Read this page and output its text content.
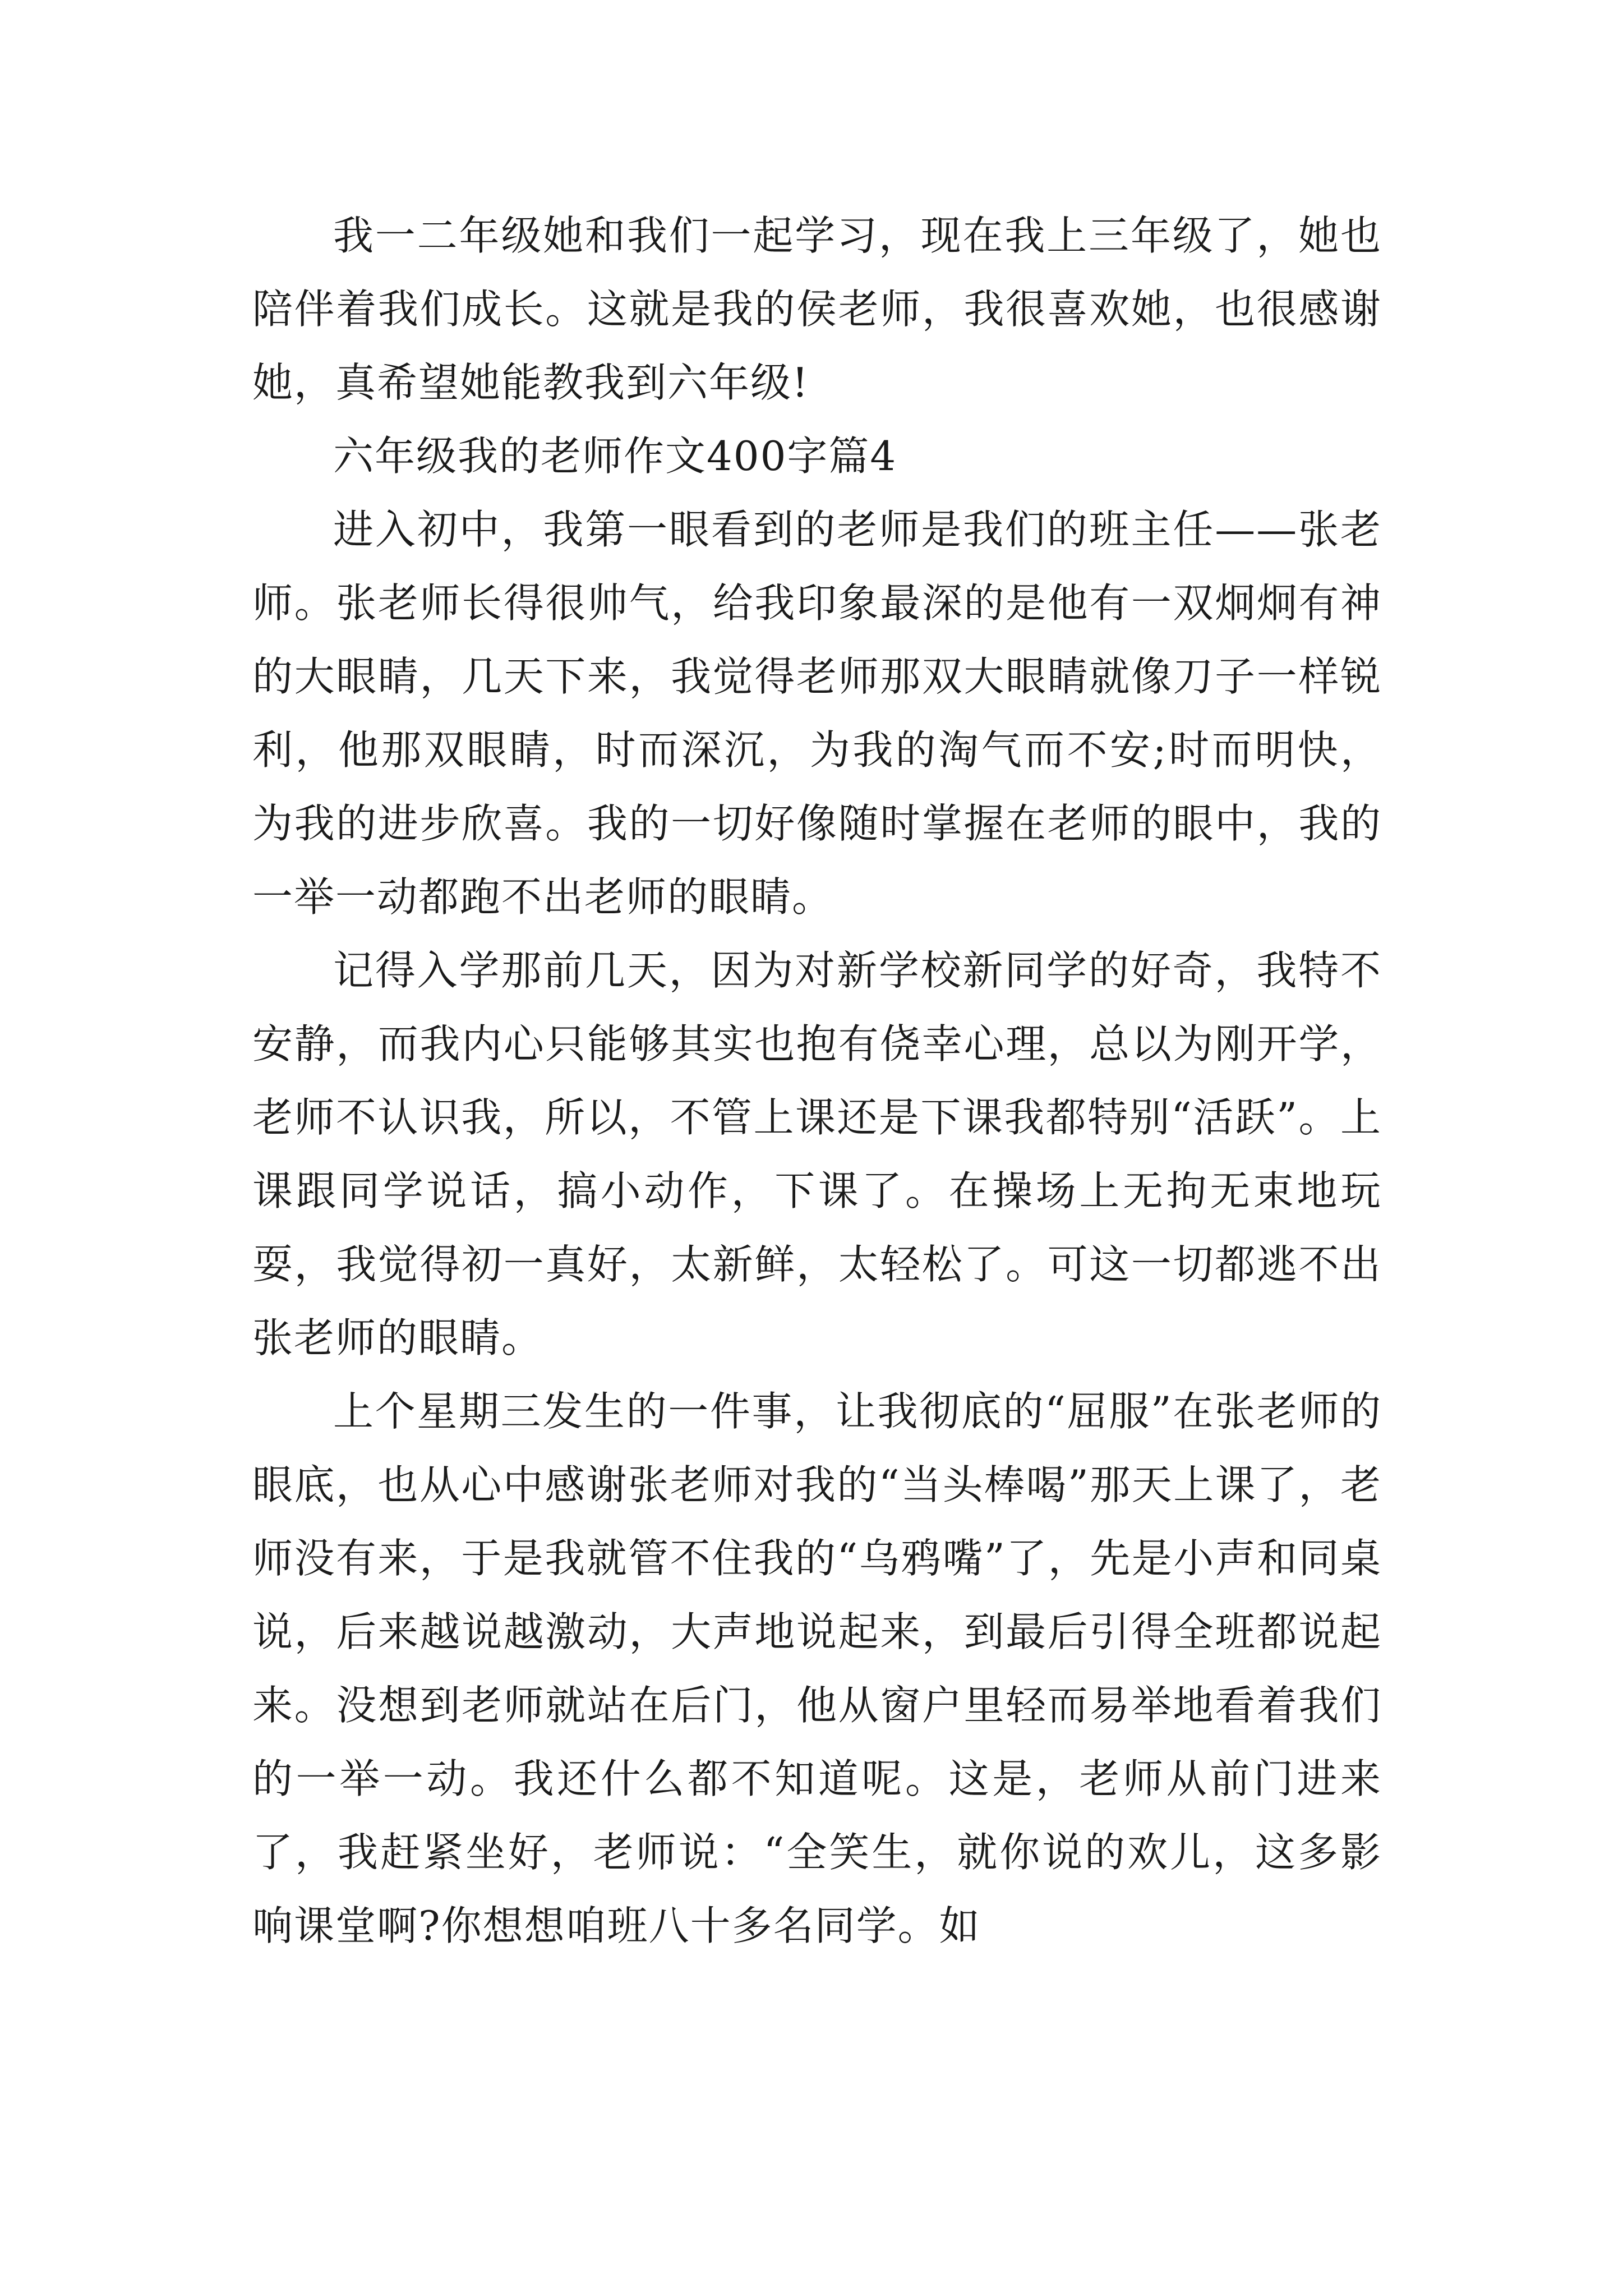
我一二年级她和我们一起学习，现在我上三年级了，她也陪伴着我们成长。这就是我的侯老师，我很喜欢她，也很感谢她，真希望她能教我到六年级!

六年级我的老师作文400字篇4

进入初中，我第一眼看到的老师是我们的班主任——张老师。张老师长得很帅气，给我印象最深的是他有一双炯炯有神的大眼睛，几天下来，我觉得老师那双大眼睛就像刀子一样锐利，他那双眼睛，时而深沉，为我的淘气而不安;时而明快，为我的进步欣喜。我的一切好像随时掌握在老师的眼中，我的一举一动都跑不出老师的眼睛。

记得入学那前几天，因为对新学校新同学的好奇，我特不安静，而我内心只能够其实也抱有侥幸心理，总以为刚开学，老师不认识我，所以，不管上课还是下课我都特别“活跃”。上课跟同学说话，搞小动作，下课了。在操场上无拘无束地玩耍，我觉得初一真好，太新鲜，太轻松了。可这一切都逃不出张老师的眼睛。

上个星期三发生的一件事，让我彻底的“屈服”在张老师的眼底，也从心中感谢张老师对我的“当头棒喝”那天上课了，老师没有来，于是我就管不住我的“乌鸦嘴”了，先是小声和同桌说，后来越说越激动，大声地说起来，到最后引得全班都说起来。没想到老师就站在后门，他从窗户里轻而易举地看着我们的一举一动。我还什么都不知道呢。这是，老师从前门进来了，我赶紧坐好，老师说：“全笑生，就你说的欢儿，这多影响课堂啊?你想想咱班八十多名同学。如
